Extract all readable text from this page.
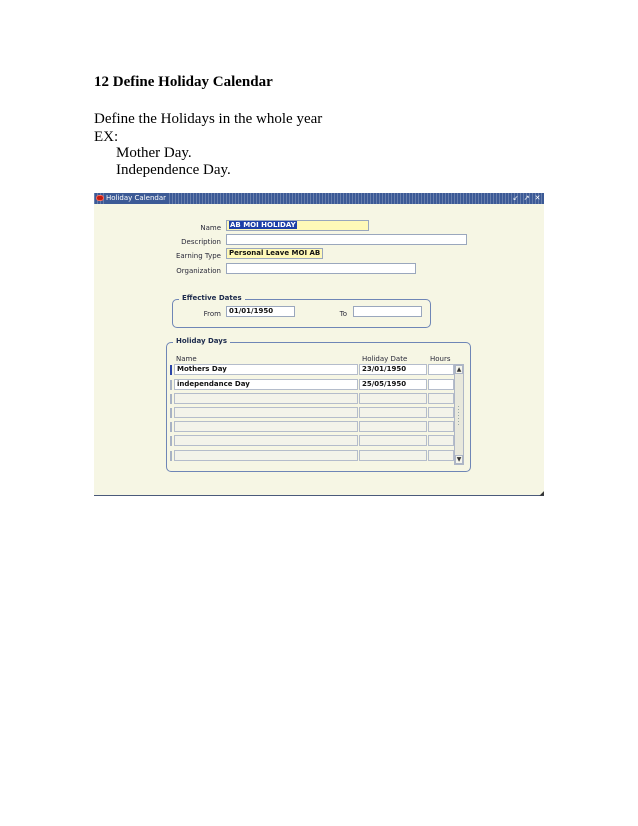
12 Define Holiday Calendar

Define the Holidays in the whole year

EX:

Mother Day.

Independence Day.

Holiday Calendar	↙ ↗ ✕
Name	AB MOI HOLIDAY
Description
Earning Type	Personal Leave MOI AB
Organization
Effective Dates
From	01/01/1950	To
Holiday Days
Name	Holiday Date	Hours
Mothers Day	23/01/1950
independance Day	25/05/1950
▲
▼
◢
